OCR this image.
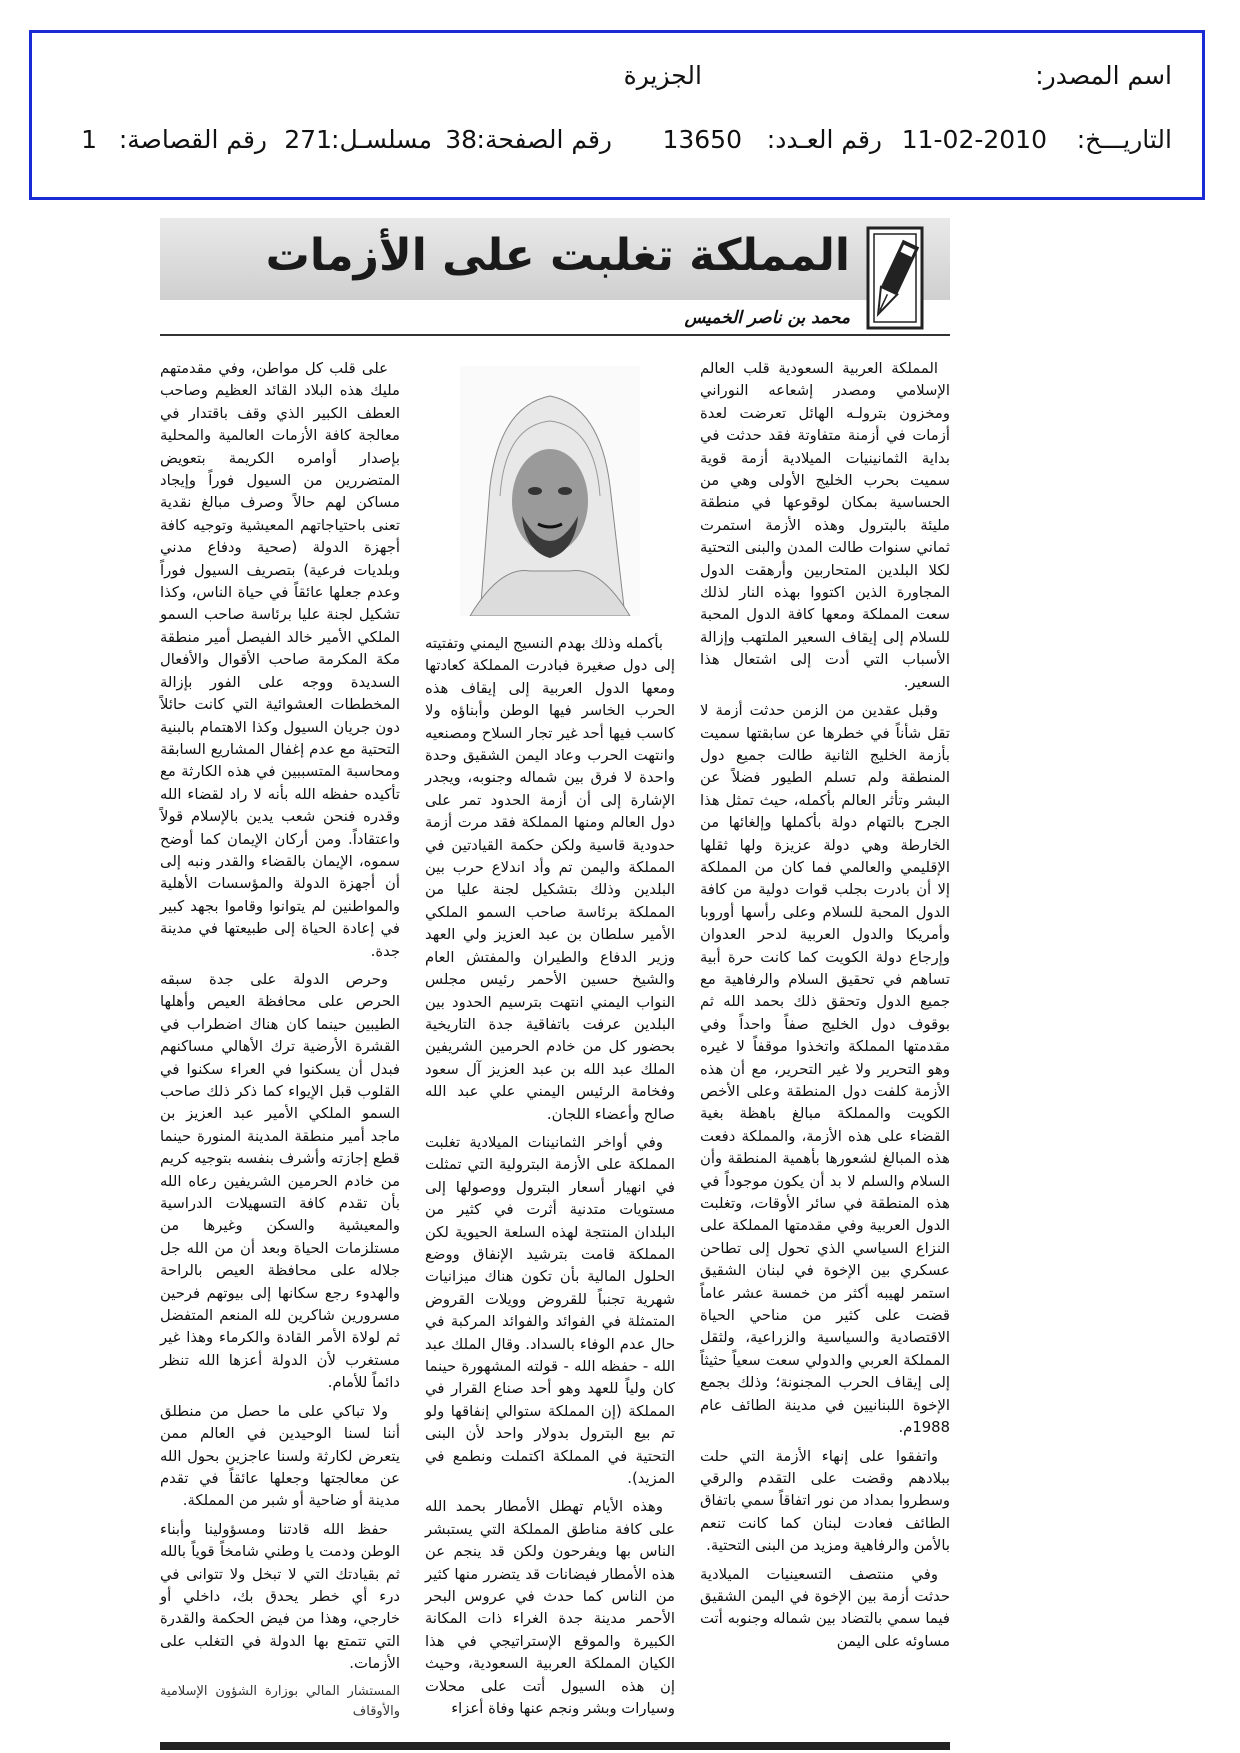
اسم المصدر:
الجزيرة
التاريـــخ:
11-02-2010
رقم العـدد:
13650
رقم الصفحة:
38
مسلسـل:
271
رقم القصاصة:
1
المملكة تغلبت على الأزمات
محمد بن ناصر الخميس

المملكة العربية السعودية قلب العالم الإسلامي ومصدر إشعاعه النوراني ومخزون بترولـه الهائل تعرضت لعدة أزمات في أزمنة متفاوتة فقد حدثت في بداية الثمانينيات الميلادية أزمة قوية سميت بحرب الخليج الأولى وهي من الحساسية بمكان لوقوعها في منطقة مليئة بالبترول وهذه الأزمة استمرت ثماني سنوات طالت المدن والبنى التحتية لكلا البلدين المتحاربين وأرهقت الدول المجاورة الذين اكتووا بهذه النار لذلك سعت المملكة ومعها كافة الدول المحبة للسلام إلى إيقاف السعير الملتهب وإزالة الأسباب التي أدت إلى اشتعال هذا السعير.

وقبل عقدين من الزمن حدثت أزمة لا تقل شأناً في خطرها عن سابقتها سميت بأزمة الخليج الثانية طالت جميع دول المنطقة ولم تسلم الطيور فضلاً عن البشر وتأثر العالم بأكمله، حيث تمثل هذا الجرح بالتهام دولة بأكملها وإلغائها من الخارطة وهي دولة عزيزة ولها ثقلها الإقليمي والعالمي فما كان من المملكة إلا أن بادرت بجلب قوات دولية من كافة الدول المحبة للسلام وعلى رأسها أوروبا وأمريكا والدول العربية لدحر العدوان وإرجاع دولة الكويت كما كانت حرة أبية تساهم في تحقيق السلام والرفاهية مع جميع الدول وتحقق ذلك بحمد الله ثم بوقوف دول الخليج صفاً واحداً وفي مقدمتها المملكة واتخذوا موقفاً لا غيره وهو التحرير ولا غير التحرير، مع أن هذه الأزمة كلفت دول المنطقة وعلى الأخص الكويت والمملكة مبالغ باهظة بغية القضاء على هذه الأزمة، والمملكة دفعت هذه المبالغ لشعورها بأهمية المنطقة وأن السلام والسلم لا بد أن يكون موجوداً في هذه المنطقة في سائر الأوقات، وتغلبت الدول العربية وفي مقدمتها المملكة على النزاع السياسي الذي تحول إلى تطاحن عسكري بين الإخوة في لبنان الشقيق استمر لهيبه أكثر من خمسة عشر عاماً قضت على كثير من مناحي الحياة الاقتصادية والسياسية والزراعية، ولثقل المملكة العربي والدولي سعت سعياً حثيثاً إلى إيقاف الحرب المجنونة؛ وذلك بجمع الإخوة اللبنانيين في مدينة الطائف عام 1988م.

واتفقوا على إنهاء الأزمة التي حلت ببلادهم وقضت على التقدم والرقي وسطروا بمداد من نور اتفاقاً سمي باتفاق الطائف فعادت لبنان كما كانت تنعم بالأمن والرفاهية ومزيد من البنى التحتية.

وفي منتصف التسعينيات الميلادية حدثت أزمة بين الإخوة في اليمن الشقيق فيما سمي بالتضاد بين شماله وجنوبه أتت مساوئه على اليمن

بأكمله وذلك بهدم النسيج اليمني وتفتيته إلى دول صغيرة فبادرت المملكة كعادتها ومعها الدول العربية إلى إيقاف هذه الحرب الخاسر فيها الوطن وأبناؤه ولا كاسب فيها أحد غير تجار السلاح ومصنعيه وانتهت الحرب وعاد اليمن الشقيق وحدة واحدة لا فرق بين شماله وجنوبه، ويجدر الإشارة إلى أن أزمة الحدود تمر على دول العالم ومنها المملكة فقد مرت أزمة حدودية قاسية ولكن حكمة القيادتين في المملكة واليمن تم وأد اندلاع حرب بين البلدين وذلك بتشكيل لجنة عليا من المملكة برئاسة صاحب السمو الملكي الأمير سلطان بن عبد العزيز ولي العهد وزير الدفاع والطيران والمفتش العام والشيخ حسين الأحمر رئيس مجلس النواب اليمني انتهت بترسيم الحدود بين البلدين عرفت باتفاقية جدة التاريخية بحضور كل من خادم الحرمين الشريفين الملك عبد الله بن عبد العزيز آل سعود وفخامة الرئيس اليمني علي عبد الله صالح وأعضاء اللجان.

وفي أواخر الثمانينات الميلادية تغلبت المملكة على الأزمة البترولية التي تمثلت في انهيار أسعار البترول ووصولها إلى مستويات متدنية أثرت في كثير من البلدان المنتجة لهذه السلعة الحيوية لكن المملكة قامت بترشيد الإنفاق ووضع الحلول المالية بأن تكون هناك ميزانيات شهرية تجنباً للقروض وويلات القروض المتمثلة في الفوائد والفوائد المركبة في حال عدم الوفاء بالسداد. وقال الملك عبد الله - حفظه الله - قولته المشهورة حينما كان ولياً للعهد وهو أحد صناع القرار في المملكة (إن المملكة ستوالي إنفاقها ولو تم بيع البترول بدولار واحد لأن البنى التحتية في المملكة اكتملت ونطمع في المزيد).

وهذه الأيام تهطل الأمطار بحمد الله على كافة مناطق المملكة التي يستبشر الناس بها ويفرحون ولكن قد ينجم عن هذه الأمطار فيضانات قد يتضرر منها كثير من الناس كما حدث في عروس البحر الأحمر مدينة جدة الغراء ذات المكانة الكبيرة والموقع الإستراتيجي في هذا الكيان المملكة العربية السعودية، وحيث إن هذه السيول أتت على محلات وسيارات وبشر ونجم عنها وفاة أعزاء

على قلب كل مواطن، وفي مقدمتهم مليك هذه البلاد القائد العظيم وصاحب العطف الكبير الذي وقف باقتدار في معالجة كافة الأزمات العالمية والمحلية بإصدار أوامره الكريمة بتعويض المتضررين من السيول فوراً وإيجاد مساكن لهم حالاً وصرف مبالغ نقدية تعنى باحتياجاتهم المعيشية وتوجيه كافة أجهزة الدولة (صحية ودفاع مدني وبلديات فرعية) بتصريف السيول فوراً وعدم جعلها عائقاً في حياة الناس، وكذا تشكيل لجنة عليا برئاسة صاحب السمو الملكي الأمير خالد الفيصل أمير منطقة مكة المكرمة صاحب الأقوال والأفعال السديدة ووجه على الفور بإزالة المخططات العشوائية التي كانت حائلاً دون جريان السيول وكذا الاهتمام بالبنية التحتية مع عدم إغفال المشاريع السابقة ومحاسبة المتسببين في هذه الكارثة مع تأكيده حفظه الله بأنه لا راد لقضاء الله وقدره فنحن شعب يدين بالإسلام قولاً واعتقاداً. ومن أركان الإيمان كما أوضح سموه، الإيمان بالقضاء والقدر ونبه إلى أن أجهزة الدولة والمؤسسات الأهلية والمواطنين لم يتوانوا وقاموا بجهد كبير في إعادة الحياة إلى طبيعتها في مدينة جدة.

وحرص الدولة على جدة سبقه الحرص على محافظة العيص وأهلها الطيبين حينما كان هناك اضطراب في القشرة الأرضية ترك الأهالي مساكنهم فبدل أن يسكنوا في العراء سكنوا في القلوب قبل الإيواء كما ذكر ذلك صاحب السمو الملكي الأمير عبد العزيز بن ماجد أمير منطقة المدينة المنورة حينما قطع إجازته وأشرف بنفسه بتوجيه كريم من خادم الحرمين الشريفين رعاه الله بأن تقدم كافة التسهيلات الدراسية والمعيشية والسكن وغيرها من مستلزمات الحياة وبعد أن من الله جل جلاله على محافظة العيص بالراحة والهدوء رجع سكانها إلى بيوتهم فرحين مسرورين شاكرين لله المنعم المتفضل ثم لولاة الأمر القادة والكرماء وهذا غير مستغرب لأن الدولة أعزها الله تنظر دائماً للأمام.

ولا تباكي على ما حصل من منطلق أننا لسنا الوحيدين في العالم ممن يتعرض لكارثة ولسنا عاجزين بحول الله عن معالجتها وجعلها عائقاً في تقدم مدينة أو ضاحية أو شبر من المملكة.

حفظ الله قادتنا ومسؤولينا وأبناء الوطن ودمت يا وطني شامخاً قوياً بالله ثم بقيادتك التي لا تبخل ولا تتوانى في درء أي خطر يحدق بك، داخلي أو خارجي، وهذا من فيض الحكمة والقدرة التي تتمتع بها الدولة في التغلب على الأزمات.

المستشار المالي بوزارة الشؤون الإسلامية والأوقاف
